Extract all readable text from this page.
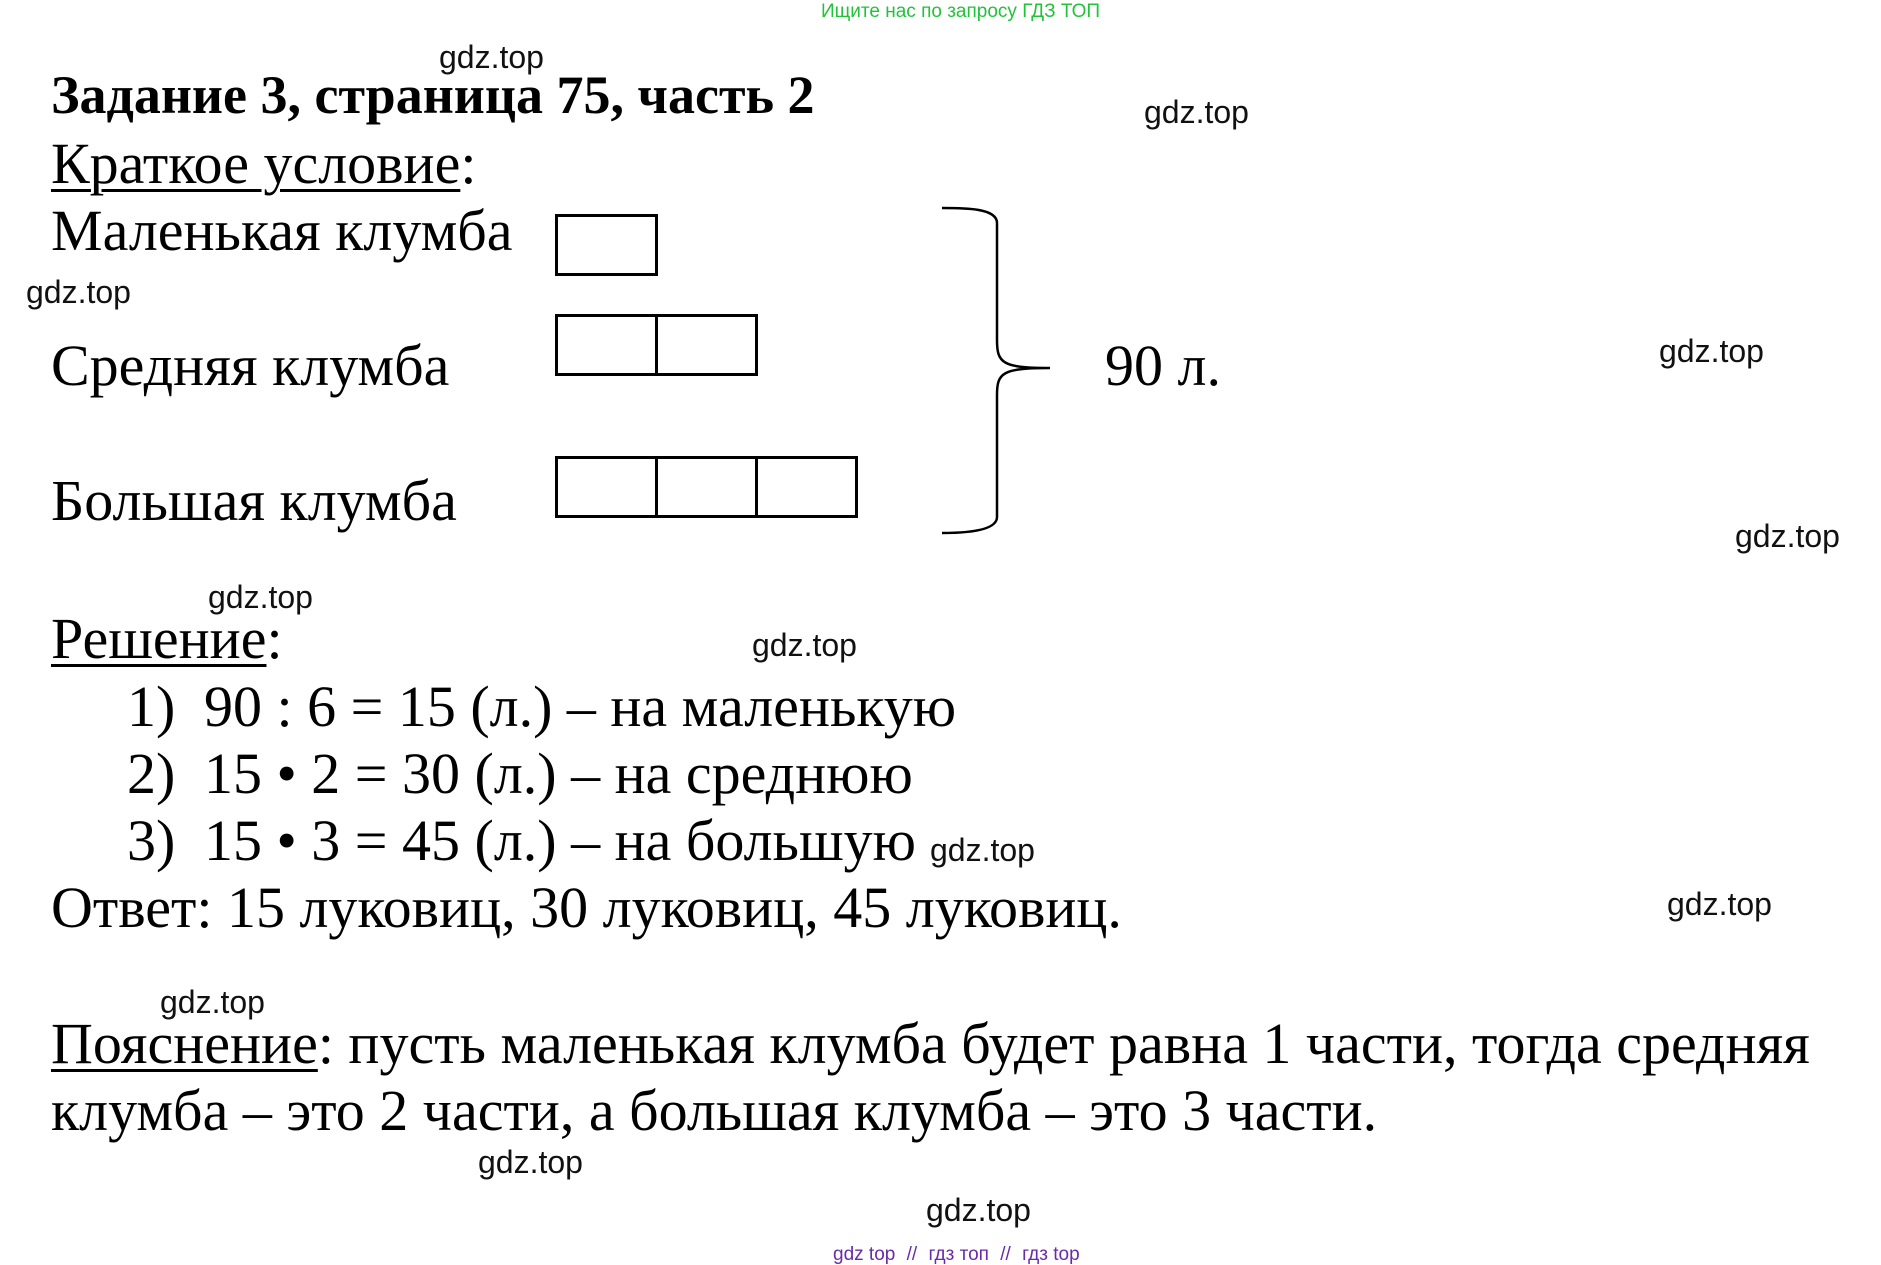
Ищите нас по запросу ГДЗ ТОП
Задание 3, страница 75, часть 2
Краткое условие:
Маленькая клумба
Средняя клумба
Большая клумба
90 л.
Решение:
1) 90 : 6 = 15 (л.) – на маленькую
2) 15 • 2 = 30 (л.) – на среднюю
3) 15 • 3 = 45 (л.) – на большую
Ответ: 15 луковиц, 30 луковиц, 45 луковиц.
Пояснение: пусть маленькая клумба будет равна 1 части, тогда средняя
клумба – это 2 части, а большая клумба – это 3 части.
gdz.top
gdz.top
gdz.top
gdz.top
gdz.top
gdz.top
gdz.top
gdz.top
gdz.top
gdz.top
gdz.top
gdz.top
gdz top // гдз топ // гдз top
